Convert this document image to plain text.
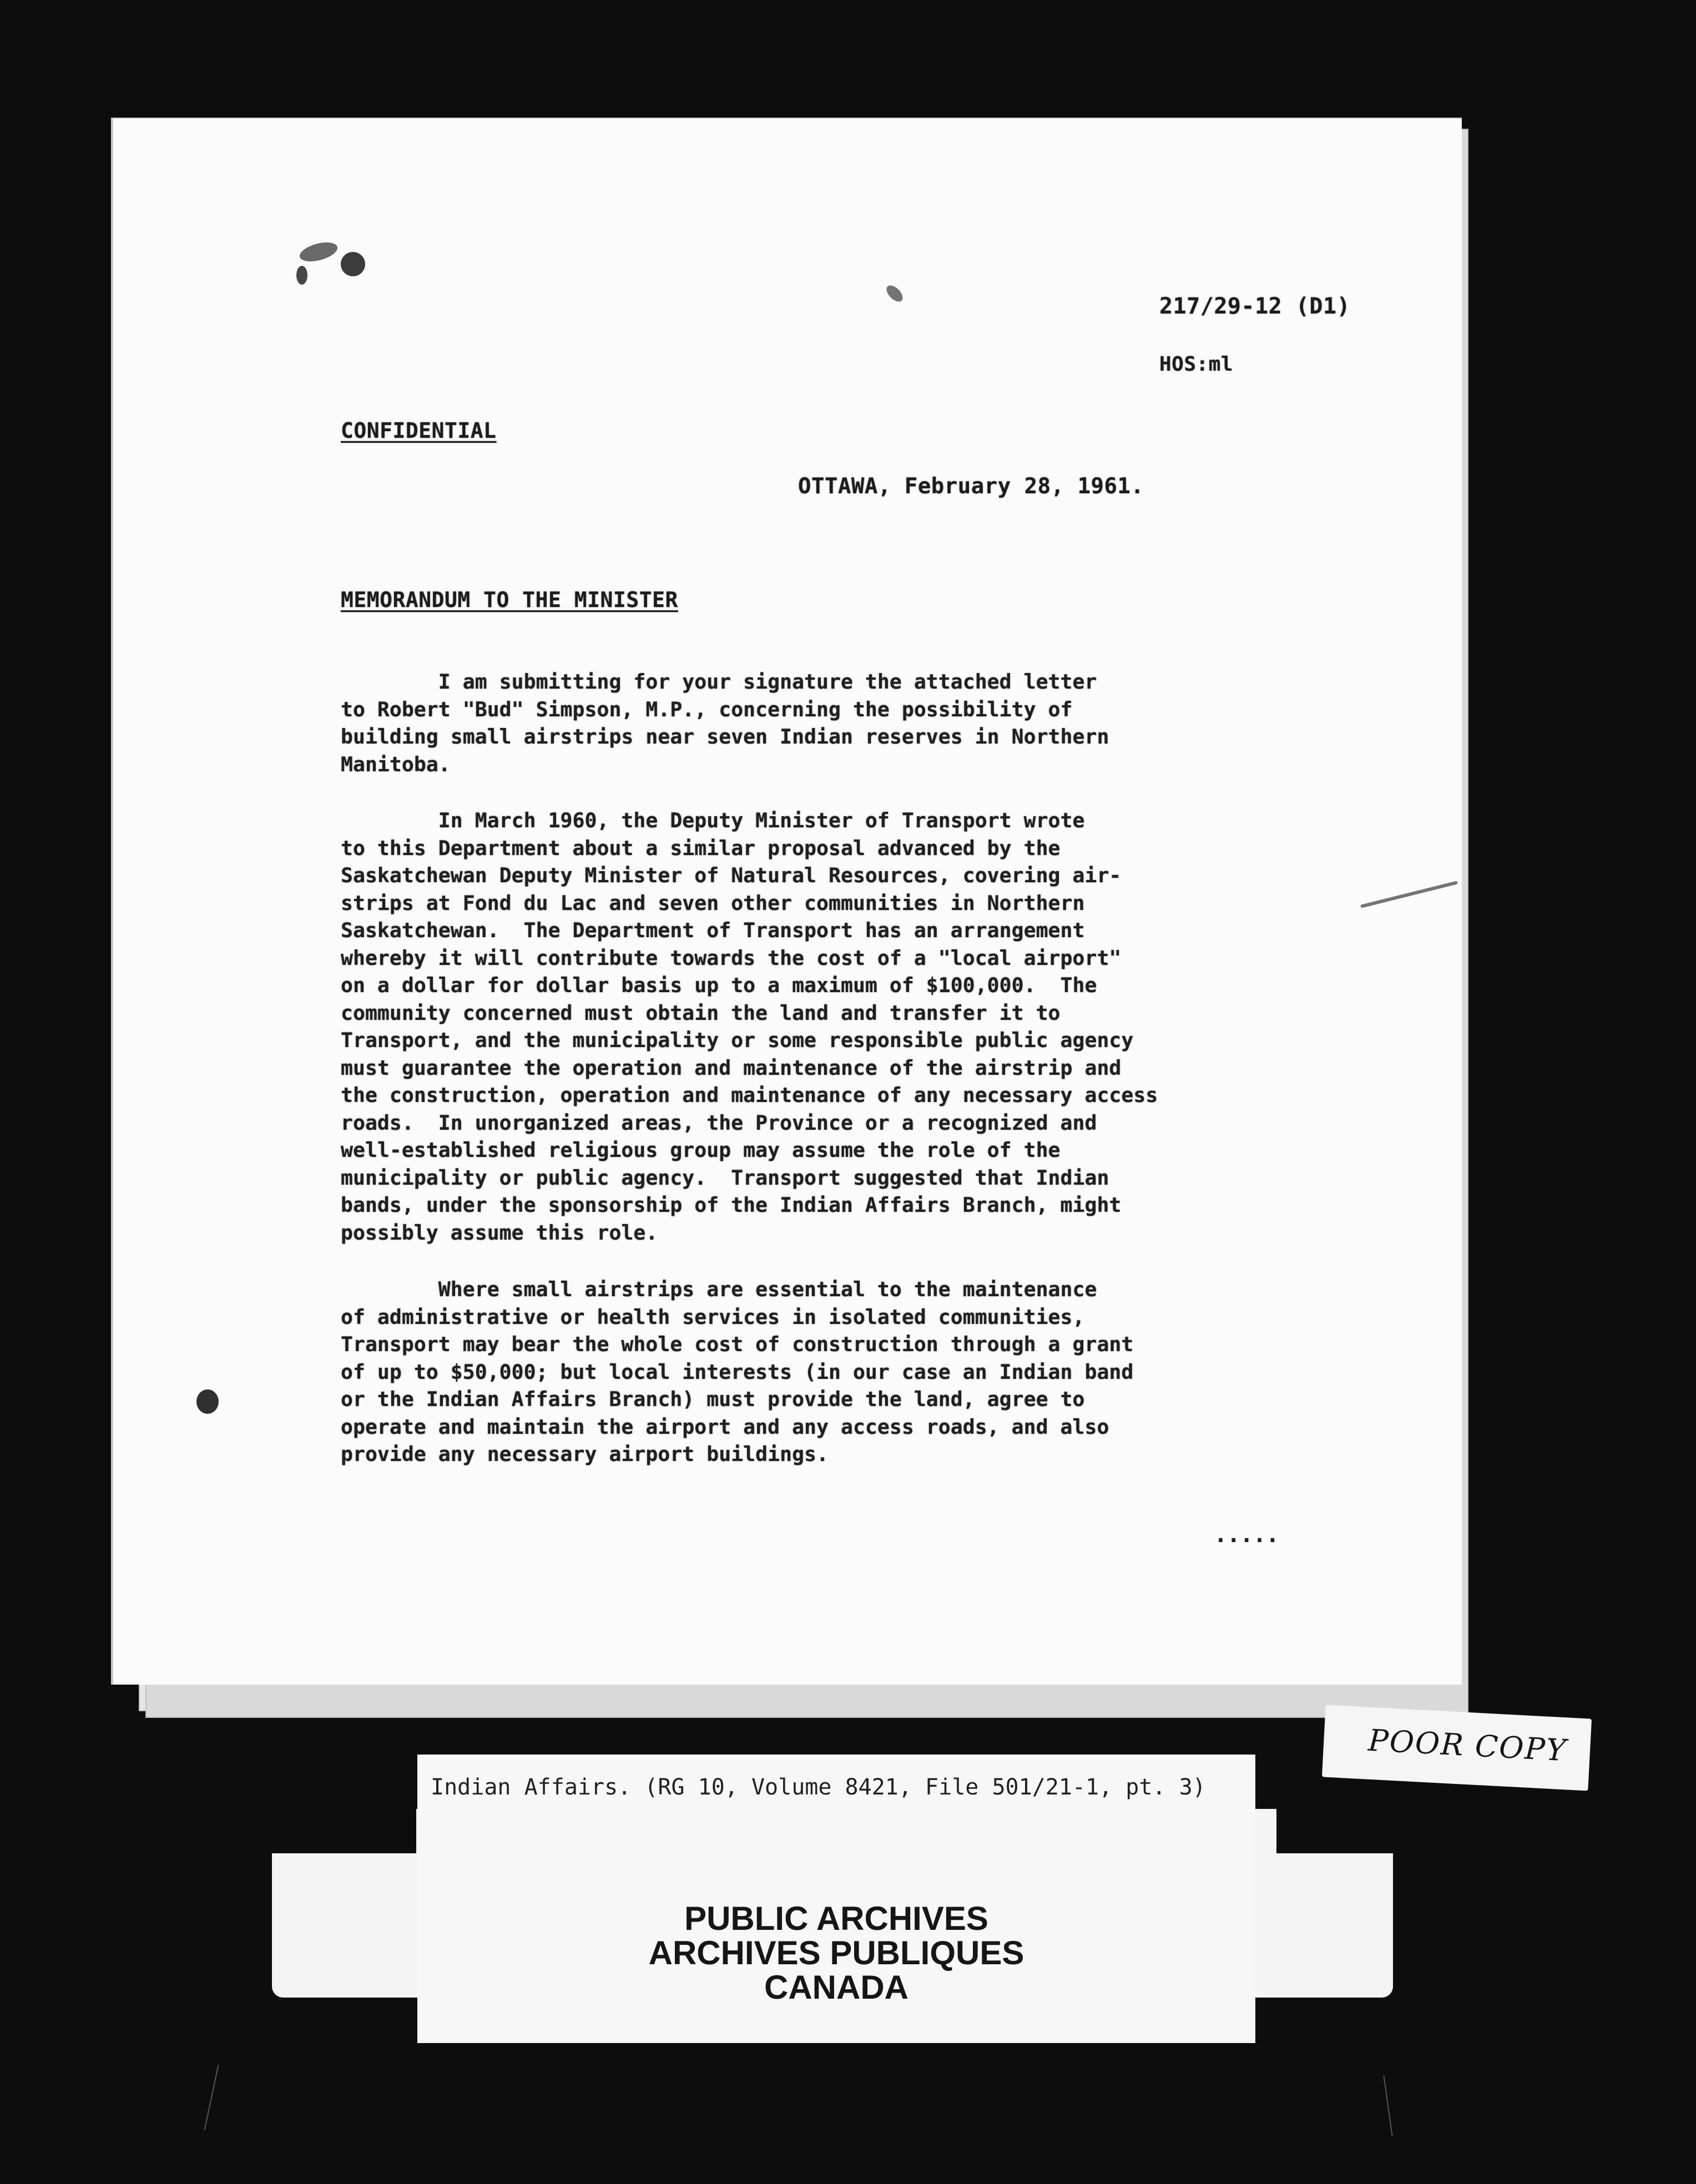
217/29-12 (D1)
HOS:ml
CONFIDENTIAL
OTTAWA, February 28, 1961.
MEMORANDUM TO THE MINISTER
I am submitting for your signature the attached letter
to Robert "Bud" Simpson, M.P., concerning the possibility of
building small airstrips near seven Indian reserves in Northern
Manitoba.
In March 1960, the Deputy Minister of Transport wrote
to this Department about a similar proposal advanced by the
Saskatchewan Deputy Minister of Natural Resources, covering air-
strips at Fond du Lac and seven other communities in Northern
Saskatchewan.  The Department of Transport has an arrangement
whereby it will contribute towards the cost of a "local airport"
on a dollar for dollar basis up to a maximum of $100,000.  The
community concerned must obtain the land and transfer it to
Transport, and the municipality or some responsible public agency
must guarantee the operation and maintenance of the airstrip and
the construction, operation and maintenance of any necessary access
roads.  In unorganized areas, the Province or a recognized and
well-established religious group may assume the role of the
municipality or public agency.  Transport suggested that Indian
bands, under the sponsorship of the Indian Affairs Branch, might
possibly assume this role.
Where small airstrips are essential to the maintenance
of administrative or health services in isolated communities,
Transport may bear the whole cost of construction through a grant
of up to $50,000; but local interests (in our case an Indian band
or the Indian Affairs Branch) must provide the land, agree to
operate and maintain the airport and any access roads, and also
provide any necessary airport buildings.
.....
POOR COPY
Indian Affairs. (RG 10, Volume 8421, File 501/21-1, pt. 3)
PUBLIC ARCHIVES
ARCHIVES PUBLIQUES
CANADA
